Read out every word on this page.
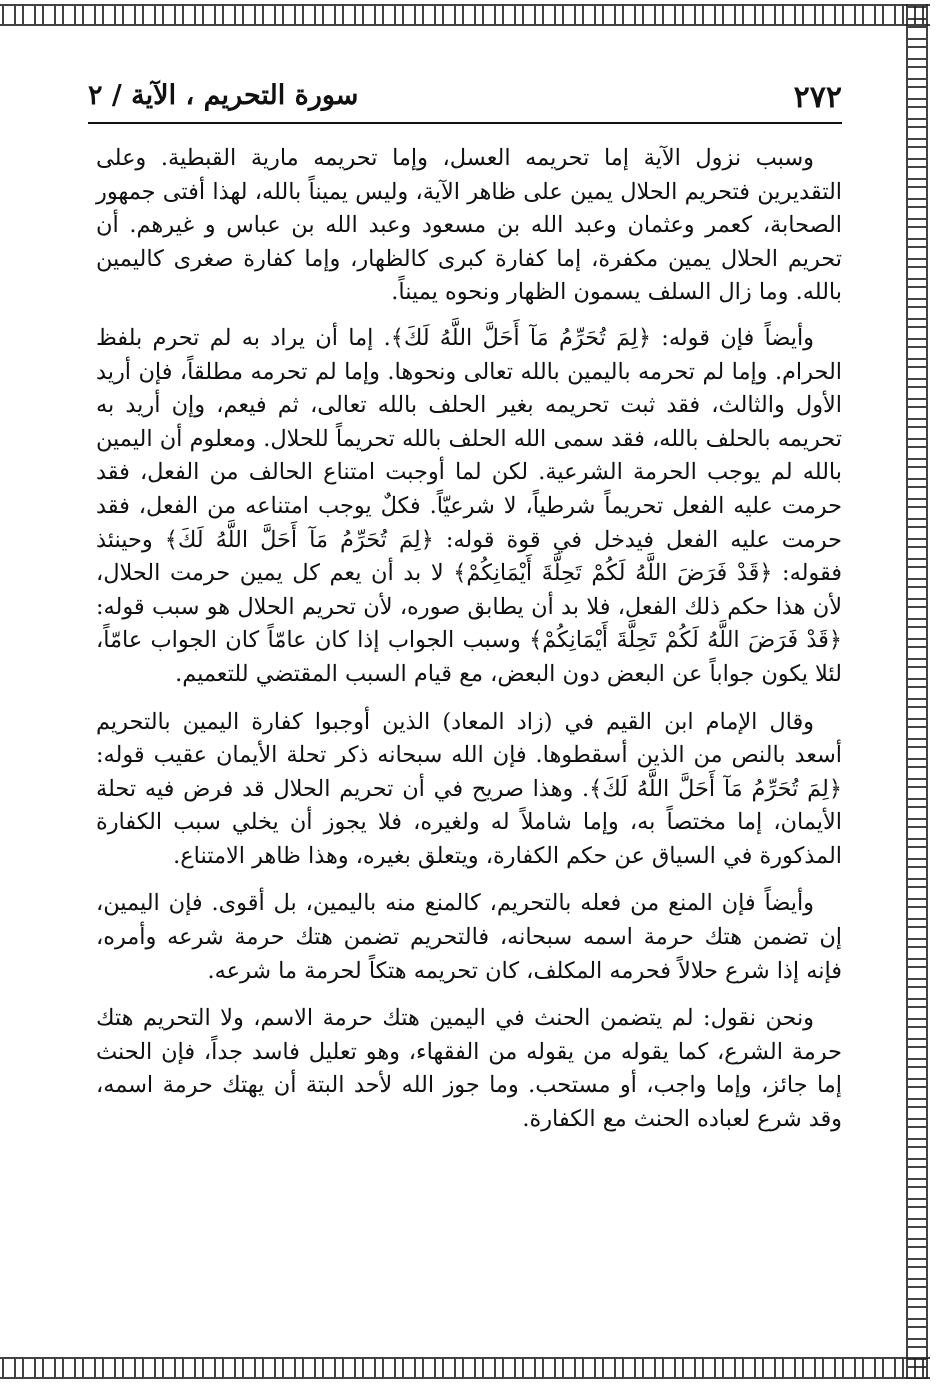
٢٧٢
سورة التحريم ، الآية / ٢

وسبب نزول الآية إما تحريمه العسل، وإما تحريمه مارية القبطية. وعلى التقديرين فتحريم الحلال يمين على ظاهر الآية، وليس يميناً بالله، لهذا أفتى جمهور الصحابة، كعمر وعثمان وعبد الله بن مسعود وعبد الله بن عباس و غيرهم. أن تحريم الحلال يمين مكفرة، إما كفارة كبرى كالظهار، وإما كفارة صغرى كاليمين بالله. وما زال السلف يسمون الظهار ونحوه يميناً.

وأيضاً فإن قوله: ﴿لِمَ تُحَرِّمُ مَآ أَحَلَّ اللَّهُ لَكَ﴾. إما أن يراد به لم تحرم بلفظ الحرام. وإما لم تحرمه باليمين بالله تعالى ونحوها. وإما لم تحرمه مطلقاً، فإن أريد الأول والثالث، فقد ثبت تحريمه بغير الحلف بالله تعالى، ثم فيعم، وإن أريد به تحريمه بالحلف بالله، فقد سمى الله الحلف بالله تحريماً للحلال. ومعلوم أن اليمين بالله لم يوجب الحرمة الشرعية. لكن لما أوجبت امتناع الحالف من الفعل، فقد حرمت عليه الفعل تحريماً شرطياً، لا شرعيّاً. فكلٌ يوجب امتناعه من الفعل، فقد حرمت عليه الفعل فيدخل في قوة قوله: ﴿لِمَ تُحَرِّمُ مَآ أَحَلَّ اللَّهُ لَكَ﴾ وحينئذ فقوله: ﴿قَدْ فَرَضَ اللَّهُ لَكُمْ تَحِلَّةَ أَيْمَانِكُمْ﴾ لا بد أن يعم كل يمين حرمت الحلال، لأن هذا حكم ذلك الفعل، فلا بد أن يطابق صوره، لأن تحريم الحلال هو سبب قوله: ﴿قَدْ فَرَضَ اللَّهُ لَكُمْ تَحِلَّةَ أَيْمَانِكُمْ﴾ وسبب الجواب إذا كان عامّاً كان الجواب عامّاً، لئلا يكون جواباً عن البعض دون البعض، مع قيام السبب المقتضي للتعميم.

وقال الإمام ابن القيم في (زاد المعاد) الذين أوجبوا كفارة اليمين بالتحريم أسعد بالنص من الذين أسقطوها. فإن الله سبحانه ذكر تحلة الأيمان عقيب قوله: ﴿لِمَ تُحَرِّمُ مَآ أَحَلَّ اللَّهُ لَكَ﴾. وهذا صريح في أن تحريم الحلال قد فرض فيه تحلة الأيمان، إما مختصاً به، وإما شاملاً له ولغيره، فلا يجوز أن يخلي سبب الكفارة المذكورة في السياق عن حكم الكفارة، ويتعلق بغيره، وهذا ظاهر الامتناع.

وأيضاً فإن المنع من فعله بالتحريم، كالمنع منه باليمين، بل أقوى. فإن اليمين، إن تضمن هتك حرمة اسمه سبحانه، فالتحريم تضمن هتك حرمة شرعه وأمره، فإنه إذا شرع حلالاً فحرمه المكلف، كان تحريمه هتكاً لحرمة ما شرعه.

ونحن نقول: لم يتضمن الحنث في اليمين هتك حرمة الاسم، ولا التحريم هتك حرمة الشرع، كما يقوله من يقوله من الفقهاء، وهو تعليل فاسد جداً، فإن الحنث إما جائز، وإما واجب، أو مستحب. وما جوز الله لأحد البتة أن يهتك حرمة اسمه، وقد شرع لعباده الحنث مع الكفارة.
